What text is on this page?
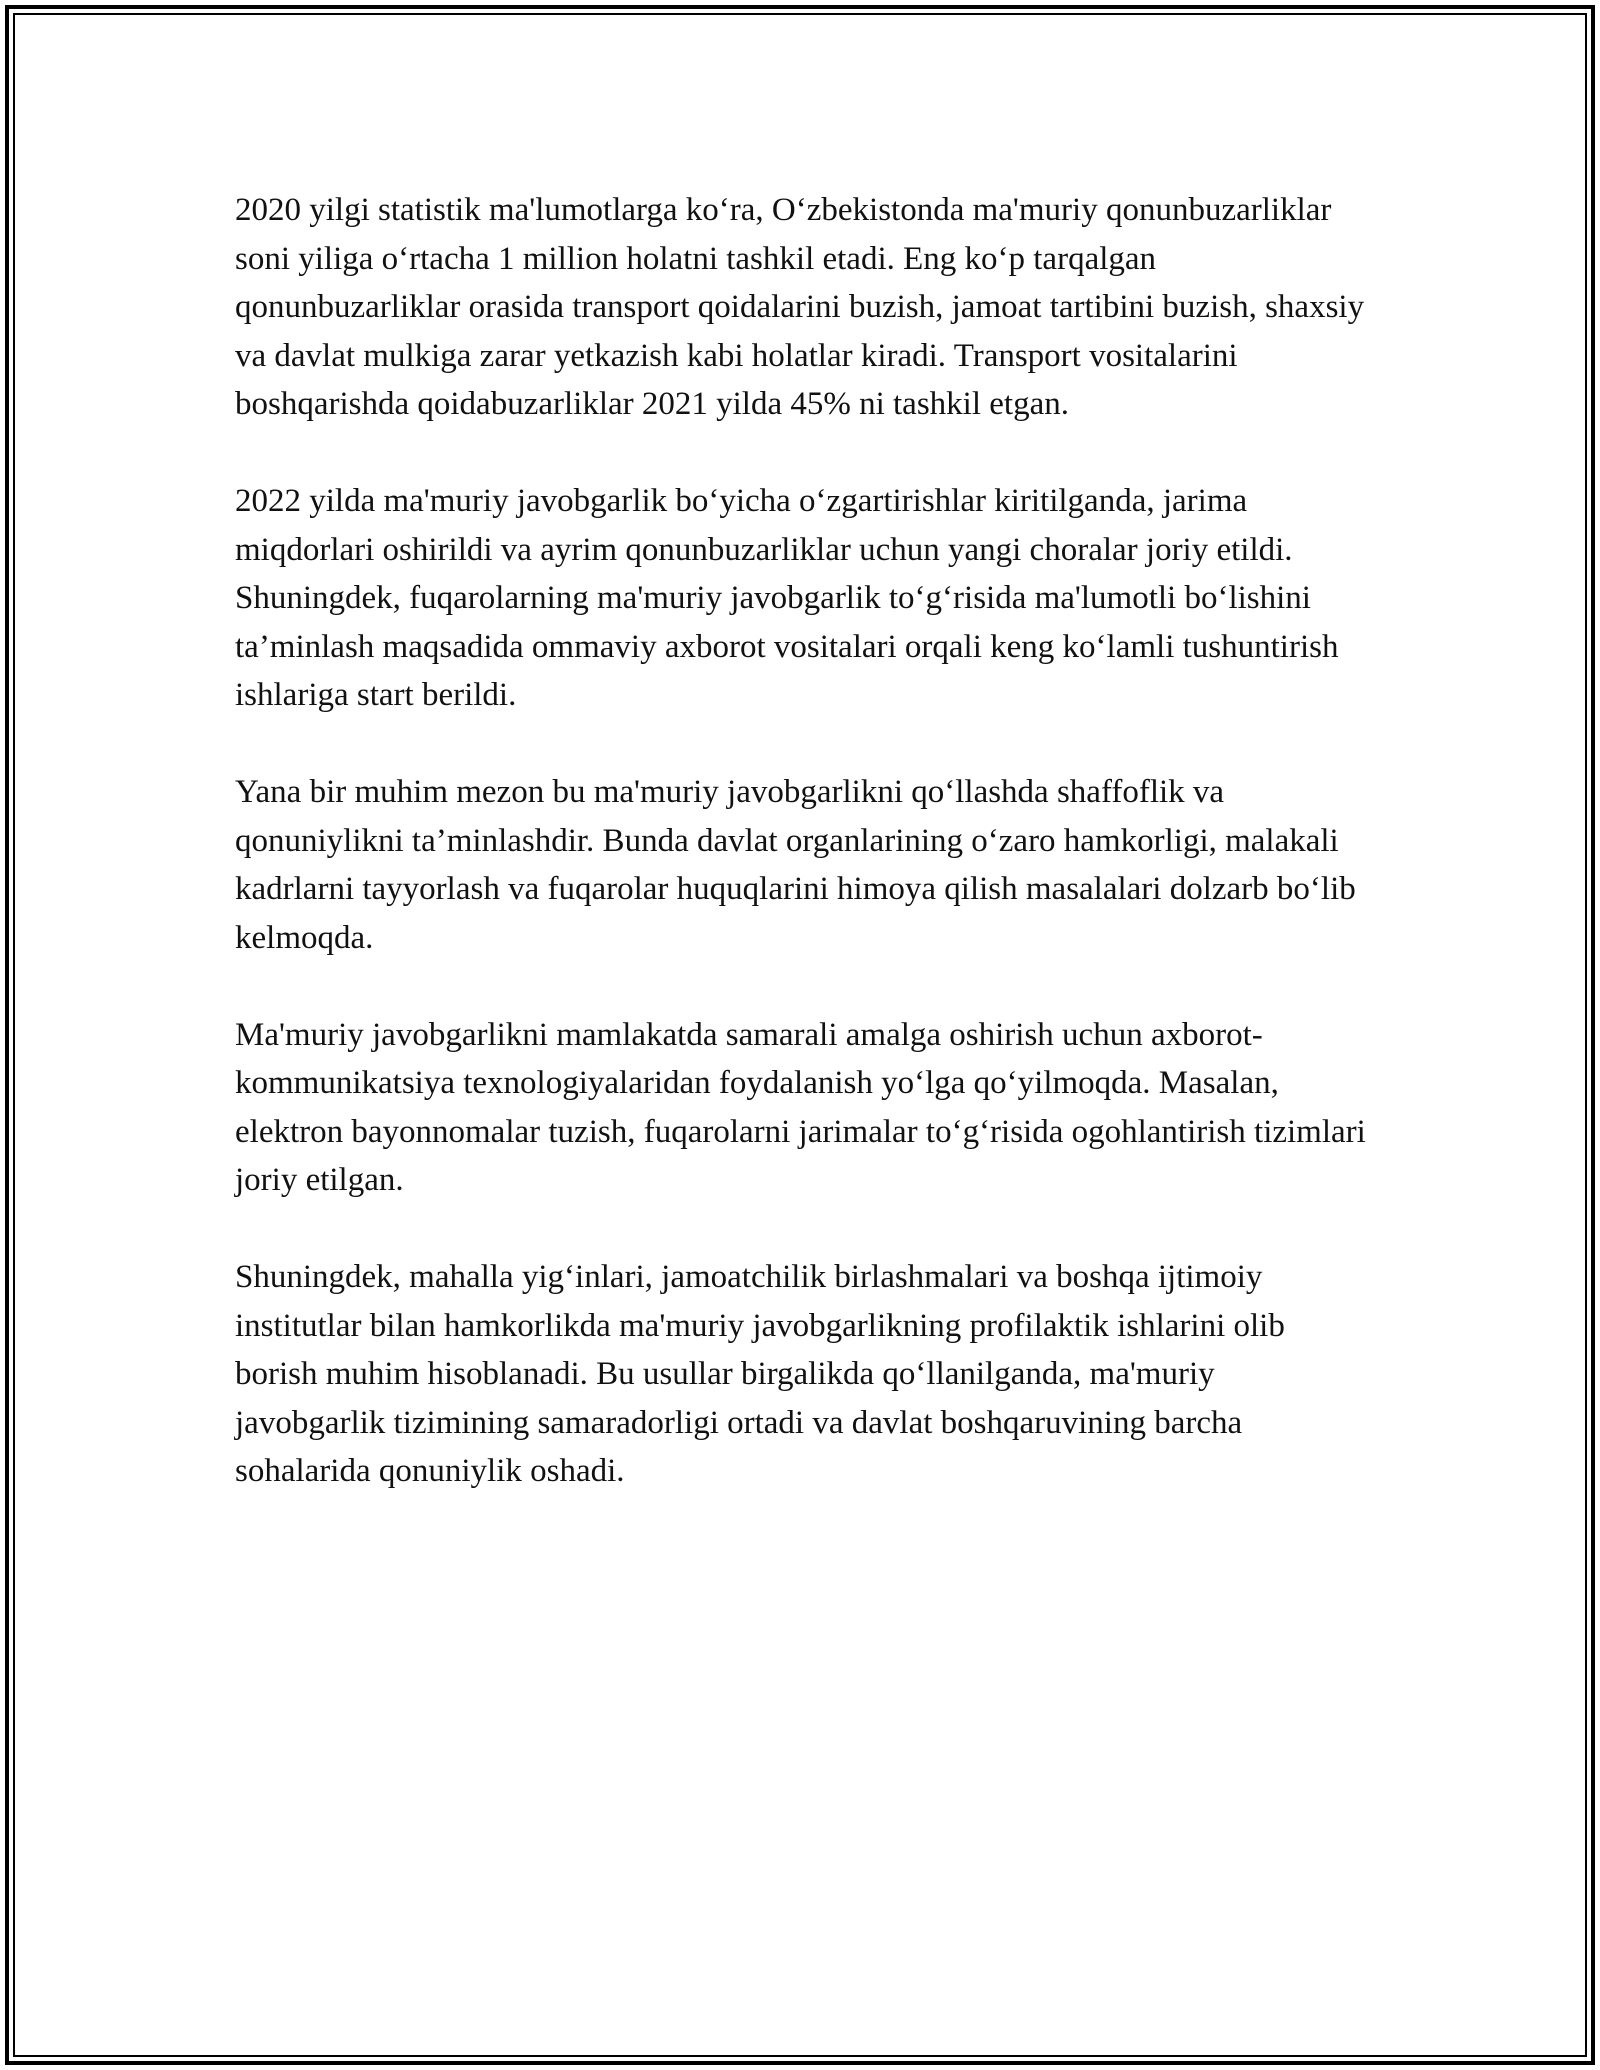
2020 yilgi statistik ma'lumotlarga ko‘ra, O‘zbekistonda ma'muriy qonunbuzarliklar soni yiliga o‘rtacha 1 million holatni tashkil etadi. Eng ko‘p tarqalgan qonunbuzarliklar orasida transport qoidalarini buzish, jamoat tartibini buzish, shaxsiy va davlat mulkiga zarar yetkazish kabi holatlar kiradi. Transport vositalarini boshqarishda qoidabuzarliklar 2021 yilda 45% ni tashkil etgan.

2022 yilda ma'muriy javobgarlik bo‘yicha o‘zgartirishlar kiritilganda, jarima miqdorlari oshirildi va ayrim qonunbuzarliklar uchun yangi choralar joriy etildi. Shuningdek, fuqarolarning ma'muriy javobgarlik to‘g‘risida ma'lumotli bo‘lishini ta’minlash maqsadida ommaviy axborot vositalari orqali keng ko‘lamli tushuntirish ishlariga start berildi.

Yana bir muhim mezon bu ma'muriy javobgarlikni qo‘llashda shaffoflik va qonuniylikni ta’minlashdir. Bunda davlat organlarining o‘zaro hamkorligi, malakali kadrlarni tayyorlash va fuqarolar huquqlarini himoya qilish masalalari dolzarb bo‘lib kelmoqda.

Ma'muriy javobgarlikni mamlakatda samarali amalga oshirish uchun axborot-kommunikatsiya texnologiyalaridan foydalanish yo‘lga qo‘yilmoqda. Masalan, elektron bayonnomalar tuzish, fuqarolarni jarimalar to‘g‘risida ogohlantirish tizimlari joriy etilgan.

Shuningdek, mahalla yig‘inlari, jamoatchilik birlashmalari va boshqa ijtimoiy institutlar bilan hamkorlikda ma'muriy javobgarlikning profilaktik ishlarini olib borish muhim hisoblanadi. Bu usullar birgalikda qo‘llanilganda, ma'muriy javobgarlik tizimining samaradorligi ortadi va davlat boshqaruvining barcha sohalarida qonuniylik oshadi.
